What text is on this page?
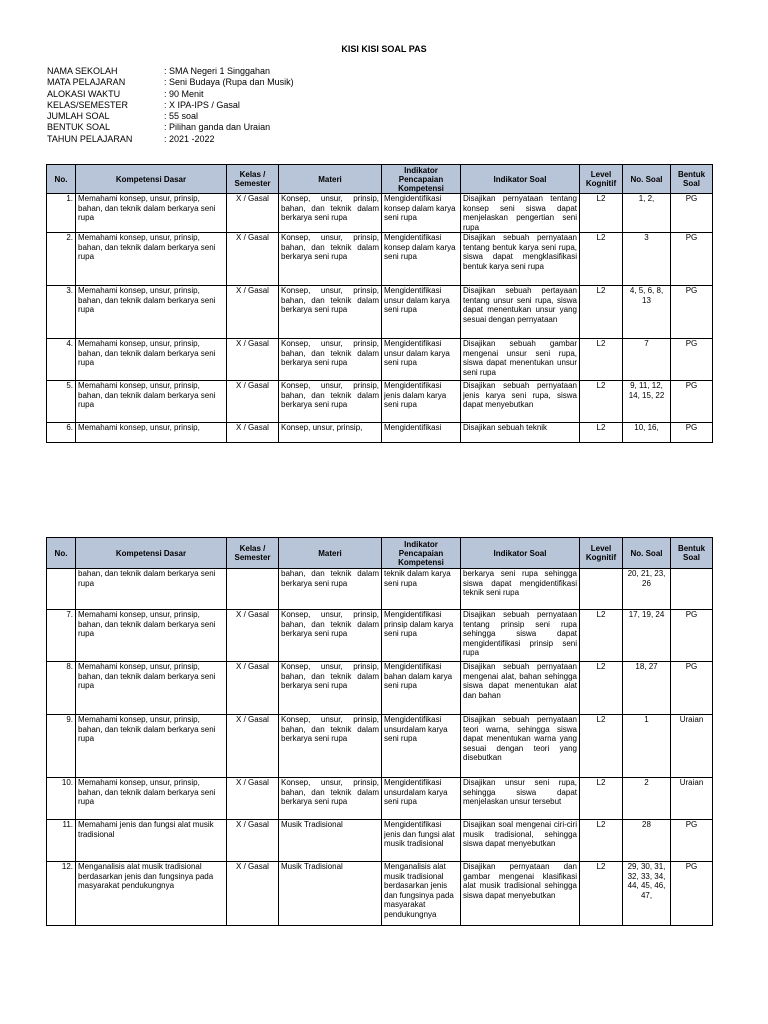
KISI KISI SOAL PAS
NAMA SEKOLAH	: SMA Negeri 1 Singgahan
MATA PELAJARAN	: Seni Budaya (Rupa dan Musik)
ALOKASI WAKTU	: 90 Menit
KELAS/SEMESTER	: X IPA-IPS / Gasal
JUMLAH SOAL	: 55 soal
BENTUK SOAL	: Pilihan ganda dan Uraian
TAHUN PELAJARAN	: 2021 -2022
No.	Kompetensi Dasar	Kelas / Semester	Materi	Indikator Pencapaian Kompetensi	Indikator Soal	Level Kognitif	No. Soal	Bentuk Soal
1.	Memahami konsep, unsur, prinsip, bahan, dan teknik dalam berkarya seni rupa	X / Gasal	Konsep, unsur, prinsip, bahan, dan teknik dalam berkarya seni rupa	Mengidentifikasi konsep dalam karya seni rupa	Disajikan pernyataan tentang konsep seni siswa dapat menjelaskan pengertian seni rupa	L2	1, 2,	PG
2.	Memahami konsep, unsur, prinsip, bahan, dan teknik dalam berkarya seni rupa	X / Gasal	Konsep, unsur, prinsip, bahan, dan teknik dalam berkarya seni rupa	Mengidentifikasi konsep dalam karya seni rupa	Disajikan sebuah pernyataan tentang bentuk karya seni rupa, siswa dapat mengklasifikasi bentuk karya seni rupa	L2	3	PG
3.	Memahami konsep, unsur, prinsip, bahan, dan teknik dalam berkarya seni rupa	X / Gasal	Konsep, unsur, prinsip, bahan, dan teknik dalam berkarya seni rupa	Mengidentifikasi unsur dalam karya seni rupa	Disajikan sebuah pertayaan tentang unsur seni rupa, siswa dapat menentukan unsur yang sesuai dengan pernyataan	L2	4, 5, 6, 8, 13	PG
4.	Memahami konsep, unsur, prinsip, bahan, dan teknik dalam berkarya seni rupa	X / Gasal	Konsep, unsur, prinsip, bahan, dan teknik dalam berkarya seni rupa	Mengidentifikasi unsur dalam karya seni rupa	Disajikan sebuah gambar mengenai unsur seni rupa, siswa dapat menentukan unsur seni rupa	L2	7	PG
5.	Memahami konsep, unsur, prinsip, bahan, dan teknik dalam berkarya seni rupa	X / Gasal	Konsep, unsur, prinsip, bahan, dan teknik dalam berkarya seni rupa	Mengidentifikasi jenis dalam karya seni rupa	Disajikan sebuah pernyataan jenis karya seni rupa, siswa dapat menyebutkan	L2	9, 11, 12, 14, 15, 22	PG
6.	Memahami konsep, unsur, prinsip,	X / Gasal	Konsep, unsur, prinsip,	Mengidentifikasi	Disajikan sebuah teknik	L2	10, 16,	PG
No.	Kompetensi Dasar	Kelas / Semester	Materi	Indikator Pencapaian Kompetensi	Indikator Soal	Level Kognitif	No. Soal	Bentuk Soal
	bahan, dan teknik dalam berkarya seni rupa		bahan, dan teknik dalam berkarya seni rupa	teknik dalam karya seni rupa	berkarya seni rupa sehingga siswa dapat mengidentifikasi teknik seni rupa		20, 21, 23, 26	
7.	Memahami konsep, unsur, prinsip, bahan, dan teknik dalam berkarya seni rupa	X / Gasal	Konsep, unsur, prinsip, bahan, dan teknik dalam berkarya seni rupa	Mengidentifikasi prinsip dalam karya seni rupa	Disajikan sebuah pernyataan tentang prinsip seni rupa sehingga siswa dapat mengidentifikasi prinsip seni rupa	L2	17, 19, 24	PG
8.	Memahami konsep, unsur, prinsip, bahan, dan teknik dalam berkarya seni rupa	X / Gasal	Konsep, unsur, prinsip, bahan, dan teknik dalam berkarya seni rupa	Mengidentifikasi bahan dalam karya seni rupa	Disajikan sebuah pernyataan mengenai alat, bahan sehingga siswa dapat menentukan alat dan bahan	L2	18, 27	PG
9.	Memahami konsep, unsur, prinsip, bahan, dan teknik dalam berkarya seni rupa	X / Gasal	Konsep, unsur, prinsip, bahan, dan teknik dalam berkarya seni rupa	Mengidentifikasi unsurdalam karya seni rupa	Disajikan sebuah pernyataan teori warna, sehingga siswa dapat menentukan warna yang sesuai dengan teori yang disebutkan	L2	1	Uraian
10.	Memahami konsep, unsur, prinsip, bahan, dan teknik dalam berkarya seni rupa	X / Gasal	Konsep, unsur, prinsip, bahan, dan teknik dalam berkarya seni rupa	Mengidentifikasi unsurdalam karya seni rupa	Disajikan unsur seni rupa, sehingga siswa dapat menjelaskan unsur tersebut	L2	2	Uraian
11.	Memahami jenis dan fungsi alat musik tradisional	X / Gasal	Musik Tradisional	Mengidentifikasi jenis dan fungsi alat musik tradisional	Disajikan soal mengenai ciri-ciri musik tradisional, sehingga siswa dapat menyebutkan	L2	28	PG
12.	Menganalisis alat musik tradisional berdasarkan jenis dan fungsinya pada masyarakat pendukungnya	X / Gasal	Musik Tradisional	Menganalisis alat musik tradisional berdasarkan jenis dan fungsinya pada masyarakat pendukungnya	Disajikan pernyataan dan gambar mengenai klasifikasi alat musik tradisional sehingga siswa dapat menyebutkan	L2	29, 30, 31, 32, 33, 34, 44, 45, 46, 47,	PG
